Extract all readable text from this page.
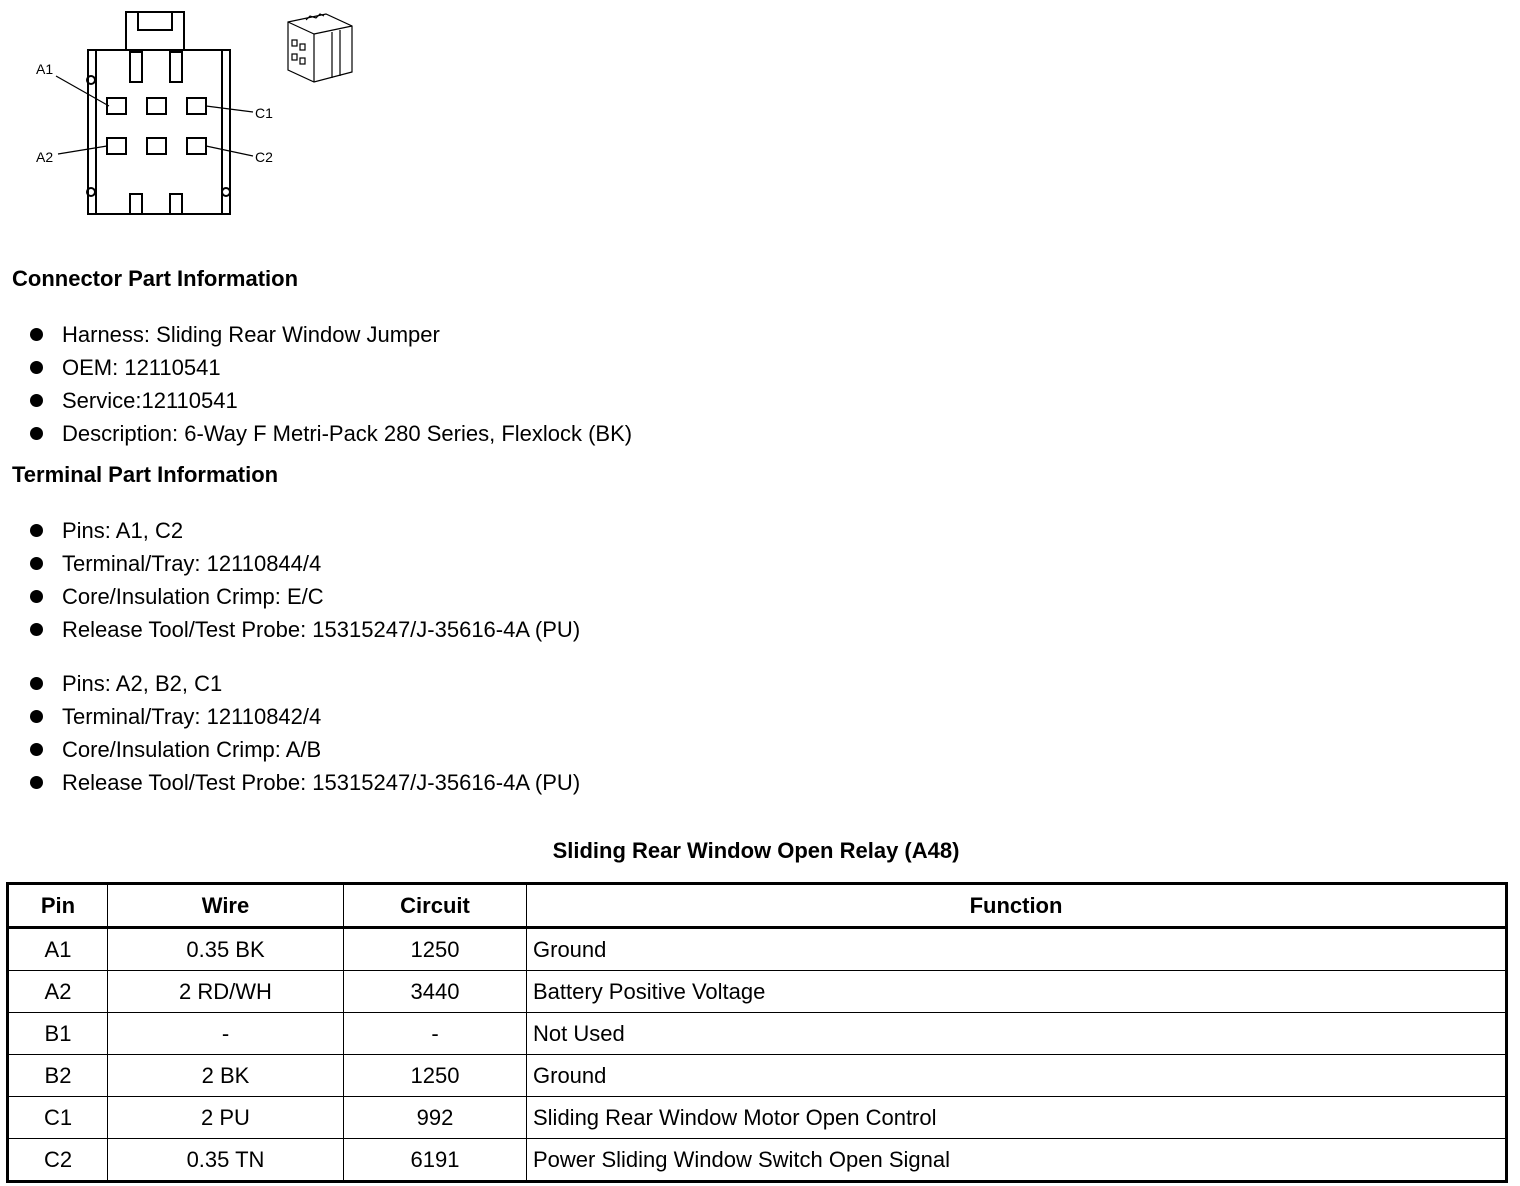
A1
A2
C1
C2
Connector Part Information
Harness: Sliding Rear Window Jumper
OEM: 12110541
Service:12110541
Description: 6-Way F Metri-Pack 280 Series, Flexlock (BK)
Terminal Part Information
Pins: A1, C2
Terminal/Tray: 12110844/4
Core/Insulation Crimp: E/C
Release Tool/Test Probe: 15315247/J-35616-4A (PU)
Pins: A2, B2, C1
Terminal/Tray: 12110842/4
Core/Insulation Crimp: A/B
Release Tool/Test Probe: 15315247/J-35616-4A (PU)
Sliding Rear Window Open Relay (A48)
Pin	Wire	Circuit	Function
A1	0.35 BK	1250	Ground
A2	2 RD/WH	3440	Battery Positive Voltage
B1	-	-	Not Used
B2	2 BK	1250	Ground
C1	2 PU	992	Sliding Rear Window Motor Open Control
C2	0.35 TN	6191	Power Sliding Window Switch Open Signal
